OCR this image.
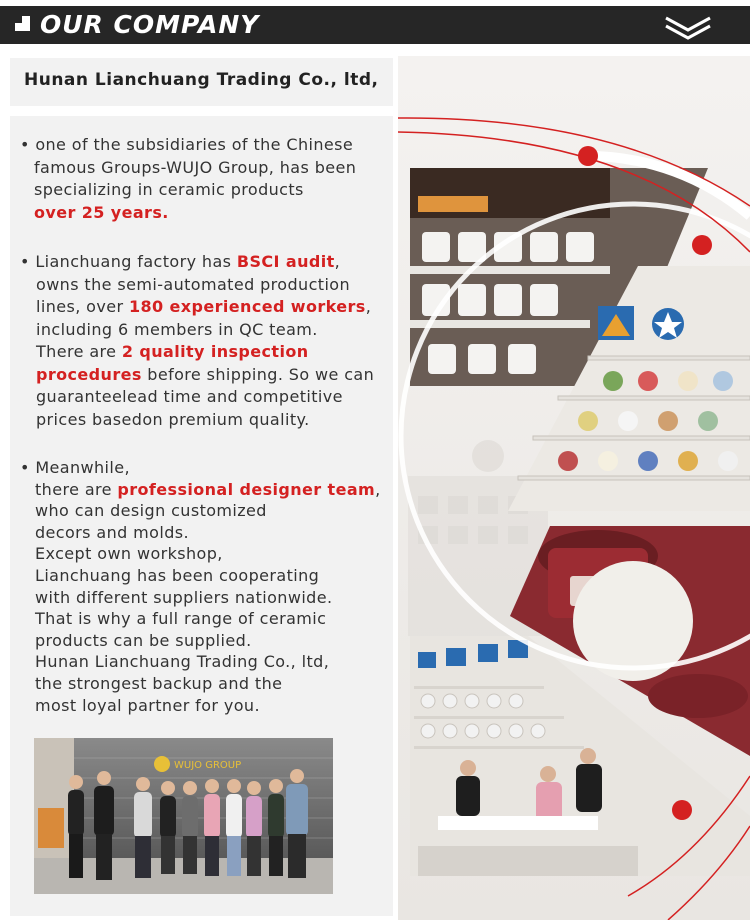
OUR COMPANY
Hunan Lianchuang Trading Co., ltd,
• one of the subsidiaries of the Chinese
famous Groups-WUJO Group, has been
specializing in ceramic products
over 25 years.
• Lianchuang factory has BSCI audit,
owns the semi-automated production
lines, over 180 experienced workers,
including 6 members in QC team.
There are 2 quality inspection
procedures before shipping. So we can
guaranteelead time and competitive
prices basedon premium quality.
• Meanwhile,
there are professional designer team,
who can design customized
decors and molds.
Except own workshop,
Lianchuang has been cooperating
with different suppliers nationwide.
That is why a full range of ceramic
products can be supplied.
Hunan Lianchuang Trading Co., ltd,
the strongest backup and the
most loyal partner for you.
WUJO GROUP
